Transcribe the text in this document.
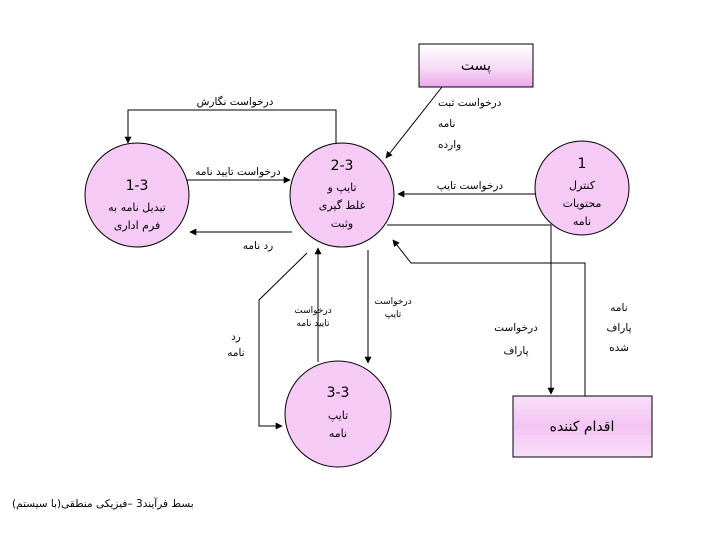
پست
اقدام کننده
1
کنترل
محتویات
نامه
2-3
تایپ و
غلط گیری
وثبت
1-3
تبدیل نامه به
فرم اداری
3-3
تایپ
نامه
درخواست نگارش	درخواست ثبت
نامه
وارده
درخواست تایید نامه
رد نامه
درخواست تایپ
رد
نامه
درخواست
تایید نامه
درخواست
تایپ
درخواست
پاراف
نامه
پاراف
شده
بسط فرآیند3 –فیزیکی منطقی(با سیستم)
